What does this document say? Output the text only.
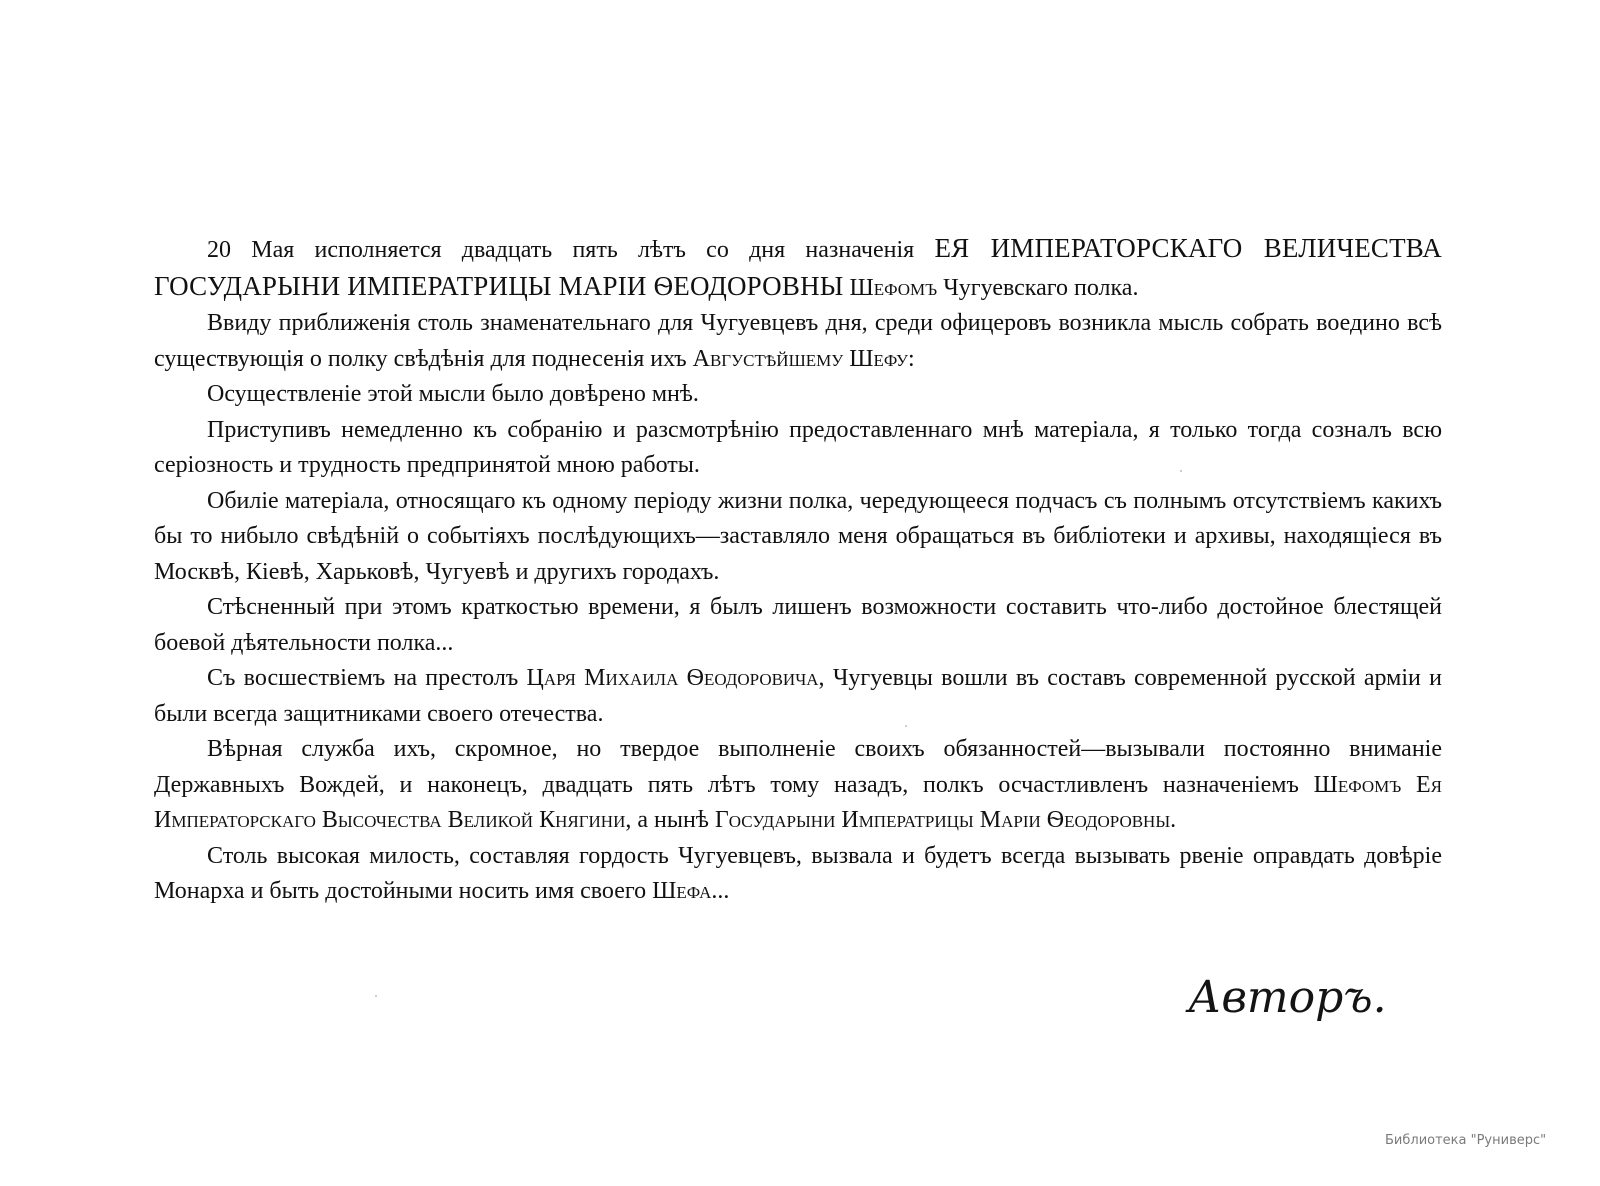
20 Мая исполняется двадцать пять лѣтъ со дня назначенія ЕЯ ИМПЕРАТОРСКАГО ВЕЛИЧЕСТВА ГОСУДАРЫНИ ИМПЕРАТРИЦЫ МАРІИ ѲЕОДОРОВНЫ Шефомъ Чугуевскаго полка.

Ввиду приближенія столь знаменательнаго для Чугуевцевъ дня, среди офицеровъ возникла мысль собрать воедино всѣ существующія о полку свѣдѣнія для поднесенія ихъ Августѣйшему Шефу:

Осуществленіе этой мысли было довѣрено мнѣ.

Приступивъ немедленно къ собранію и разсмотрѣнію предоставленнаго мнѣ матеріала, я только тогда созналъ всю серіозность и трудность предпринятой мною работы.

Обиліе матеріала, относящаго къ одному періоду жизни полка, чередующееся подчасъ съ полнымъ отсутствіемъ какихъ бы то нибыло свѣдѣній о событіяхъ послѣдующихъ—заставляло меня обращаться въ библіотеки и архивы, находящіеся въ Москвѣ, Кіевѣ, Харьковѣ, Чугуевѣ и другихъ городахъ.

Стѣсненный при этомъ краткостью времени, я былъ лишенъ возможности составить что-либо достойное блестящей боевой дѣятельности полка...

Съ восшествіемъ на престолъ Царя Михаила Ѳеодоровича, Чугуевцы вошли въ составъ современной русской арміи и были всегда защитниками своего отечества.

Вѣрная служба ихъ, скромное, но твердое выполненіе своихъ обязанностей—вызывали постоянно вниманіе Державныхъ Вождей, и наконецъ, двадцать пять лѣтъ тому назадъ, полкъ осчастливленъ назначеніемъ Шефомъ Ея Императорскаго Высочества Великой Княгини, а нынѣ Государыни Императрицы Маріи Ѳеодоровны.

Столь высокая милость, составляя гордость Чугуевцевъ, вызвала и будетъ всегда вызывать рвеніе оправдать довѣріе Монарха и быть достойными носить имя своего Шефа...

Авторъ.
Библиотека "Руниверс"
